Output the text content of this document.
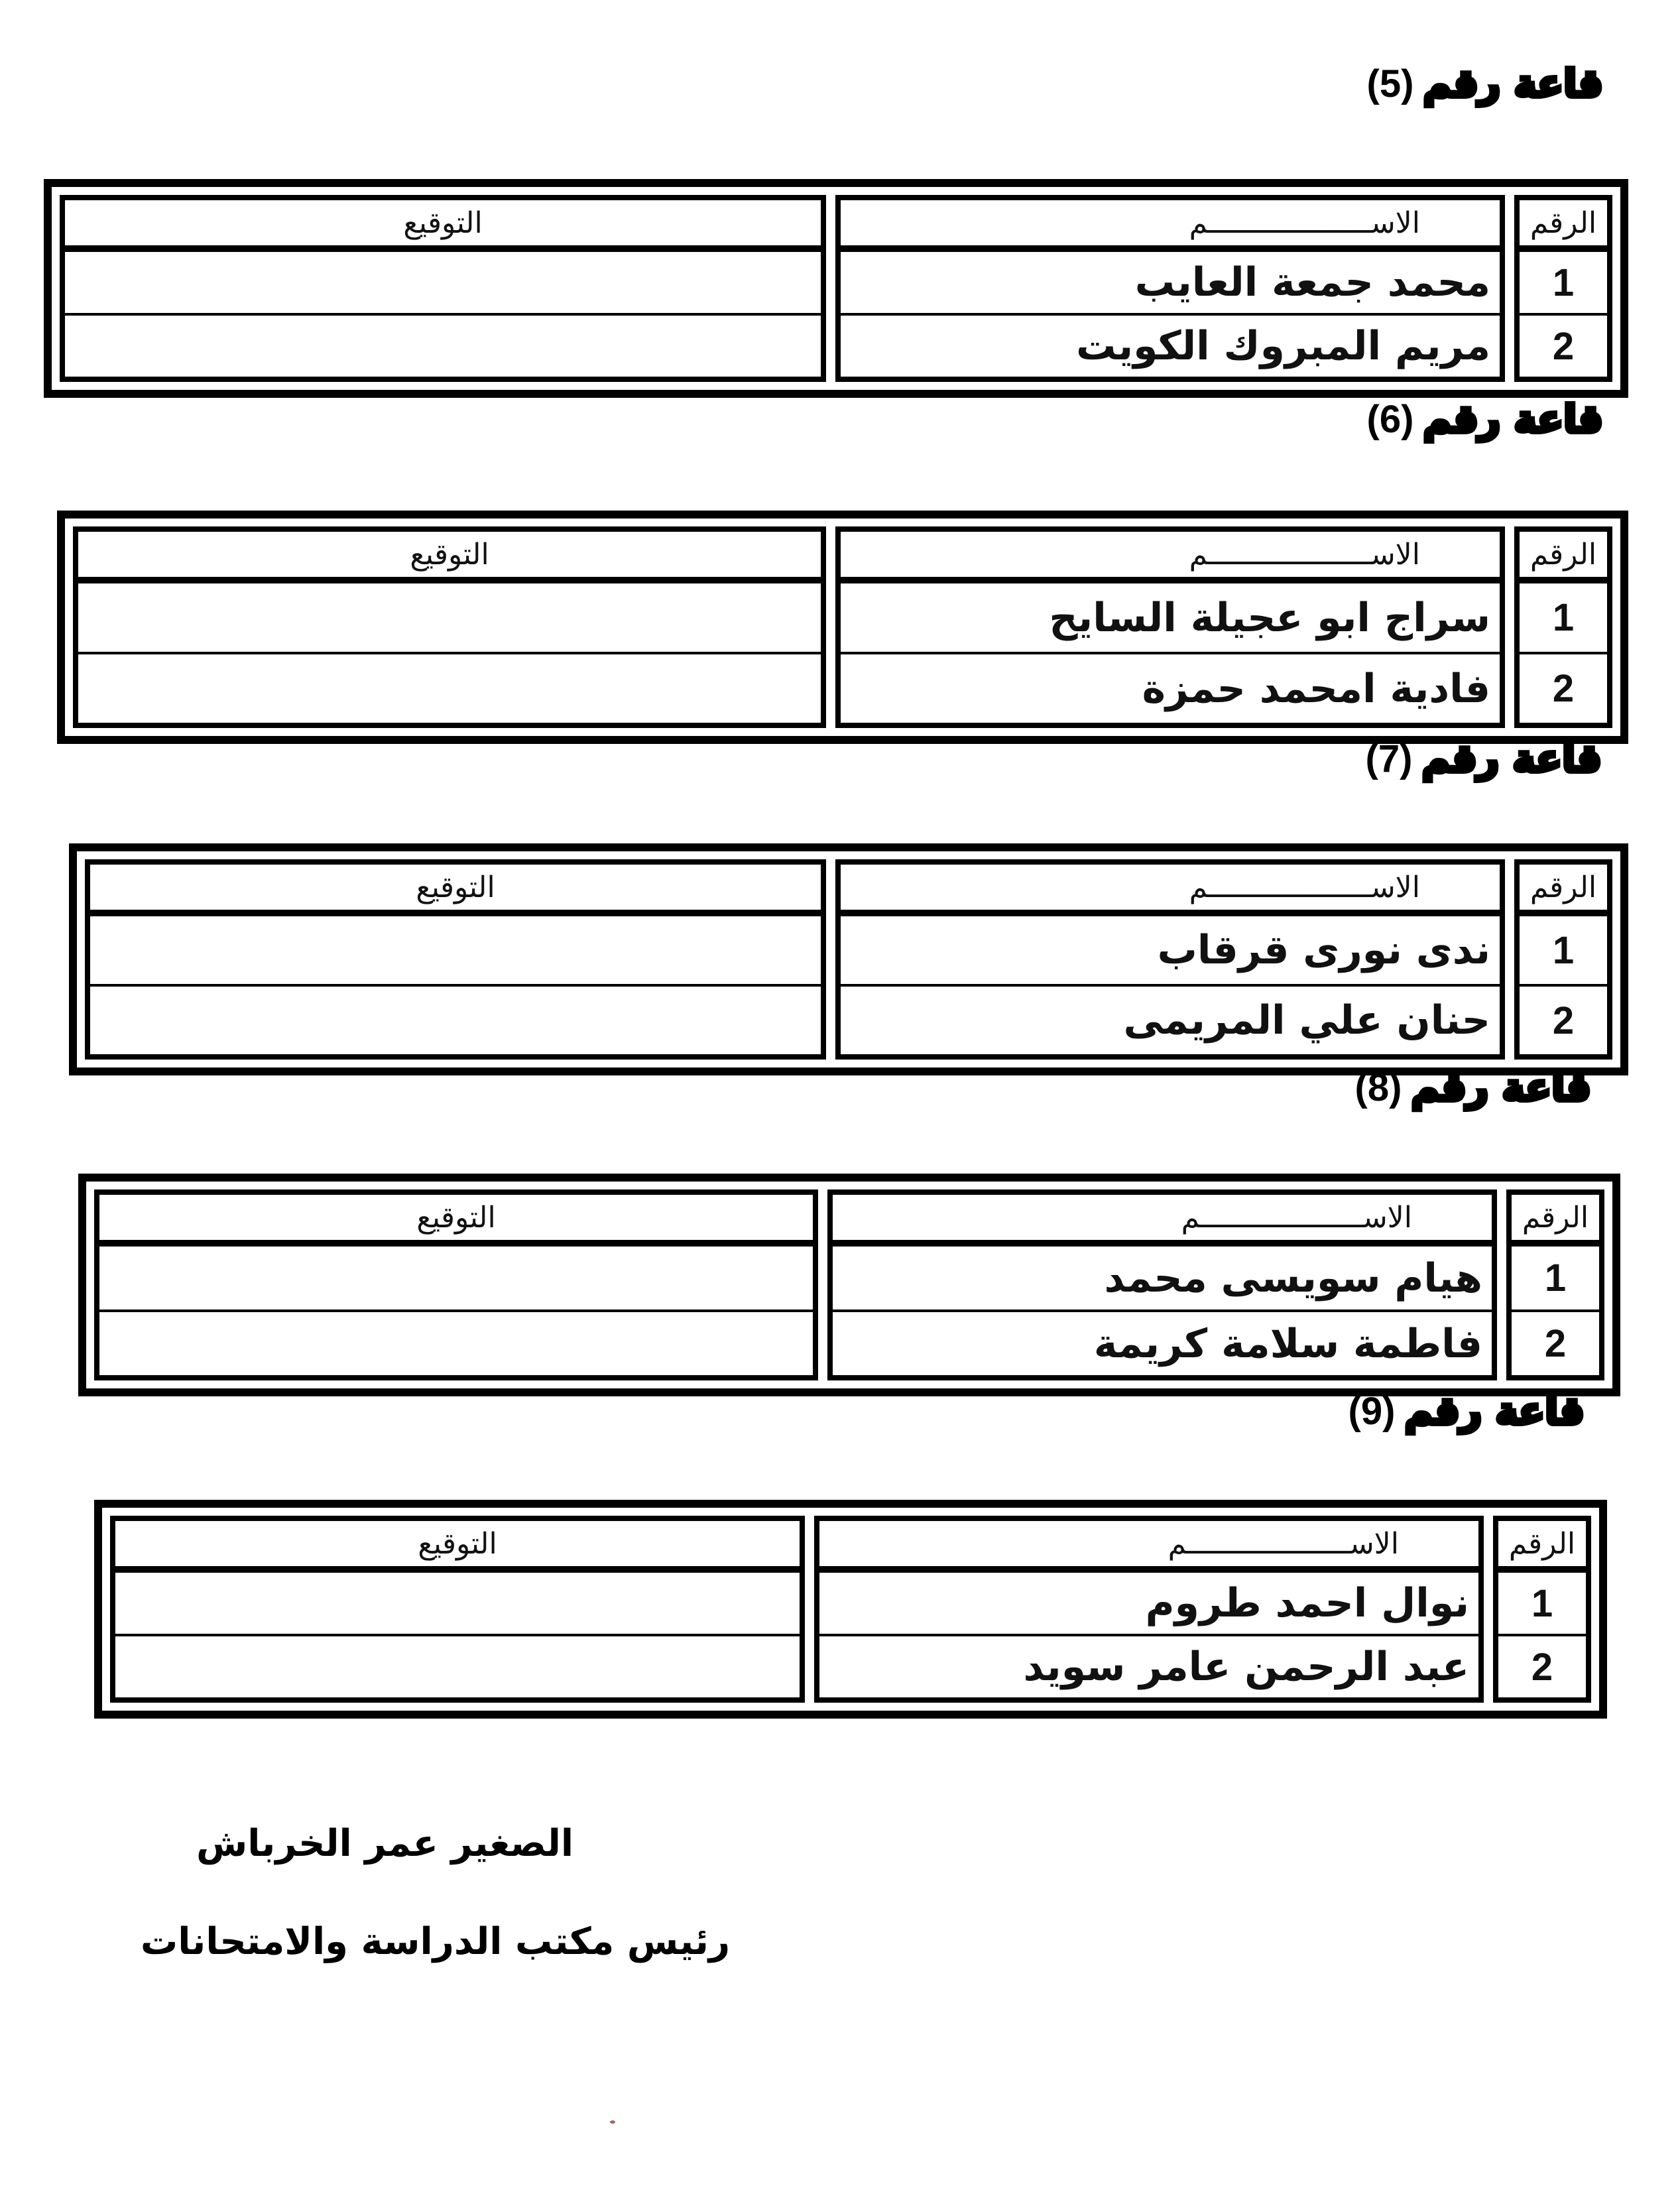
قاعة رقم(5)
الرقم
1
2
الاســـــــــــــــــــم
محمد جمعة العايب
مريم المبروك الكويت
التوقيع
قاعة رقم(6)
الرقم
1
2
الاســـــــــــــــــــم
سراج ابو عجيلة السايح
فادية امحمد حمزة
التوقيع
قاعة رقم(7)
الرقم
1
2
الاســـــــــــــــــــم
ندى نورى قرقاب
حنان علي المريمى
التوقيع
قاعة رقم(8)
الرقم
1
2
الاســـــــــــــــــــم
هيام سويسى محمد
فاطمة سلامة كريمة
التوقيع
قاعة رقم(9)
الرقم
1
2
الاســـــــــــــــــــم
نوال احمد طروم
عبد الرحمن عامر سويد
التوقيع
الصغير عمر الخرباش
رئيس مكتب الدراسة والامتحانات
